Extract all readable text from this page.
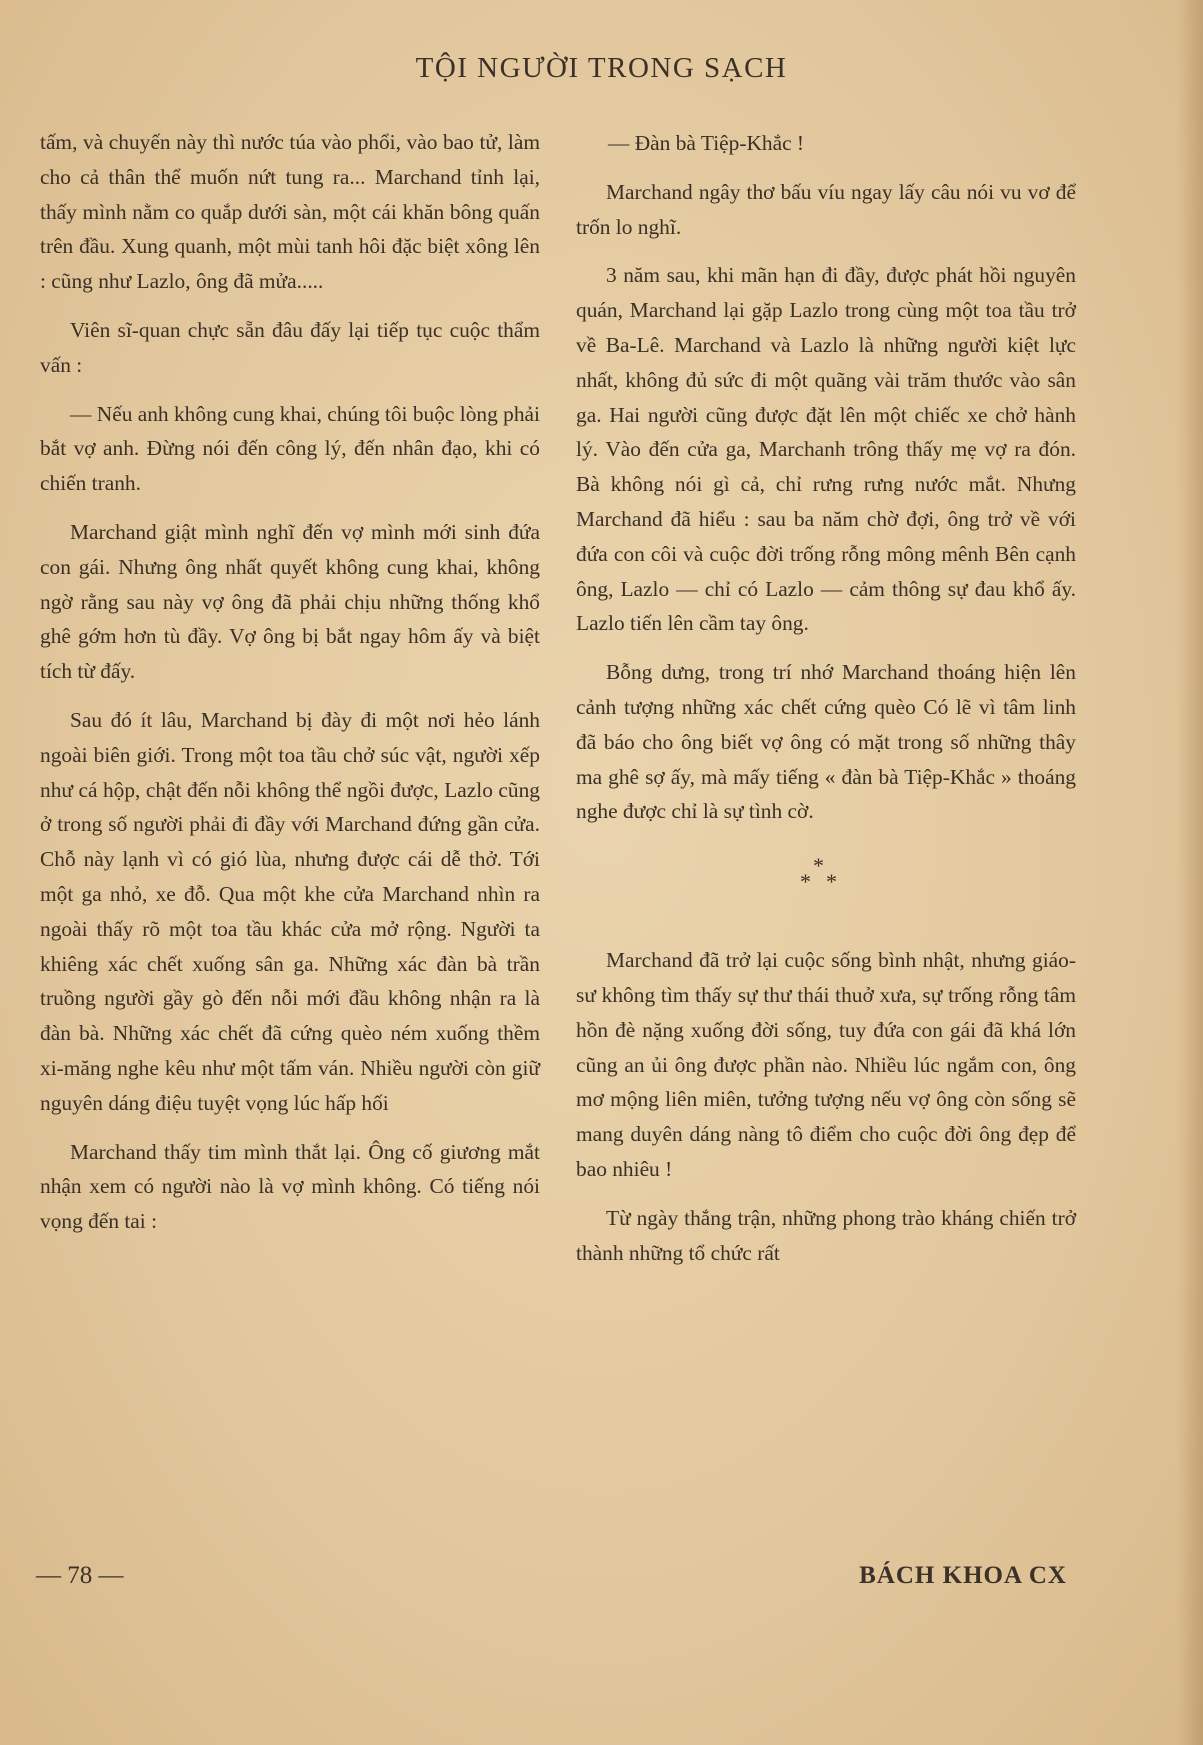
TỘI NGƯỜI TRONG SẠCH

tấm, và chuyến này thì nước túa vào phổi, vào bao tử, làm cho cả thân thể muốn nứt tung ra... Marchand tỉnh lại, thấy mình nằm co quắp dưới sàn, một cái khăn bông quấn trên đầu. Xung quanh, một mùi tanh hôi đặc biệt xông lên : cũng như Lazlo, ông đã mửa.....

Viên sĩ-quan chực sẵn đâu đấy lại tiếp tục cuộc thẩm vấn :

— Nếu anh không cung khai, chúng tôi buộc lòng phải bắt vợ anh. Đừng nói đến công lý, đến nhân đạo, khi có chiến tranh.

Marchand giật mình nghĩ đến vợ mình mới sinh đứa con gái. Nhưng ông nhất quyết không cung khai, không ngờ rằng sau này vợ ông đã phải chịu những thống khổ ghê gớm hơn tù đầy. Vợ ông bị bắt ngay hôm ấy và biệt tích từ đấy.

Sau đó ít lâu, Marchand bị đày đi một nơi hẻo lánh ngoài biên giới. Trong một toa tầu chở súc vật, người xếp như cá hộp, chật đến nỗi không thể ngồi được, Lazlo cũng ở trong số người phải đi đầy với Marchand đứng gần cửa. Chỗ này lạnh vì có gió lùa, nhưng được cái dễ thở. Tới một ga nhỏ, xe đỗ. Qua một khe cửa Marchand nhìn ra ngoài thấy rõ một toa tầu khác cửa mở rộng. Người ta khiêng xác chết xuống sân ga. Những xác đàn bà trần truồng người gầy gò đến nỗi mới đầu không nhận ra là đàn bà. Những xác chết đã cứng quèo ném xuống thềm xi-măng nghe kêu như một tấm ván. Nhiều người còn giữ nguyên dáng điệu tuyệt vọng lúc hấp hối

Marchand thấy tim mình thắt lại. Ông cố giương mắt nhận xem có người nào là vợ mình không. Có tiếng nói vọng đến tai :

— Đàn bà Tiệp-Khắc !

Marchand ngây thơ bấu víu ngay lấy câu nói vu vơ để trốn lo nghĩ.

3 năm sau, khi mãn hạn đi đầy, được phát hồi nguyên quán, Marchand lại gặp Lazlo trong cùng một toa tầu trở về Ba-Lê. Marchand và Lazlo là những người kiệt lực nhất, không đủ sức đi một quãng vài trăm thước vào sân ga. Hai người cũng được đặt lên một chiếc xe chở hành lý. Vào đến cửa ga, Marchanh trông thấy mẹ vợ ra đón. Bà không nói gì cả, chỉ rưng rưng nước mắt. Nhưng Marchand đã hiểu : sau ba năm chờ đợi, ông trở về với đứa con côi và cuộc đời trống rỗng mông mênh Bên cạnh ông, Lazlo — chỉ có Lazlo — cảm thông sự đau khổ ấy. Lazlo tiến lên cầm tay ông.

Bỗng dưng, trong trí nhớ Marchand thoáng hiện lên cảnh tượng những xác chết cứng quèo Có lẽ vì tâm linh đã báo cho ông biết vợ ông có mặt trong số những thây ma ghê sợ ấy, mà mấy tiếng « đàn bà Tiệp-Khắc » thoáng nghe được chỉ là sự tình cờ.

*
* *

Marchand đã trở lại cuộc sống bình nhật, nhưng giáo-sư không tìm thấy sự thư thái thuở xưa, sự trống rỗng tâm hồn đè nặng xuống đời sống, tuy đứa con gái đã khá lớn cũng an ủi ông được phần nào. Nhiều lúc ngắm con, ông mơ mộng liên miên, tưởng tượng nếu vợ ông còn sống sẽ mang duyên dáng nàng tô điểm cho cuộc đời ông đẹp để bao nhiêu !

Từ ngày thắng trận, những phong trào kháng chiến trở thành những tổ chức rất

— 78 —	BÁCH KHOA CX
